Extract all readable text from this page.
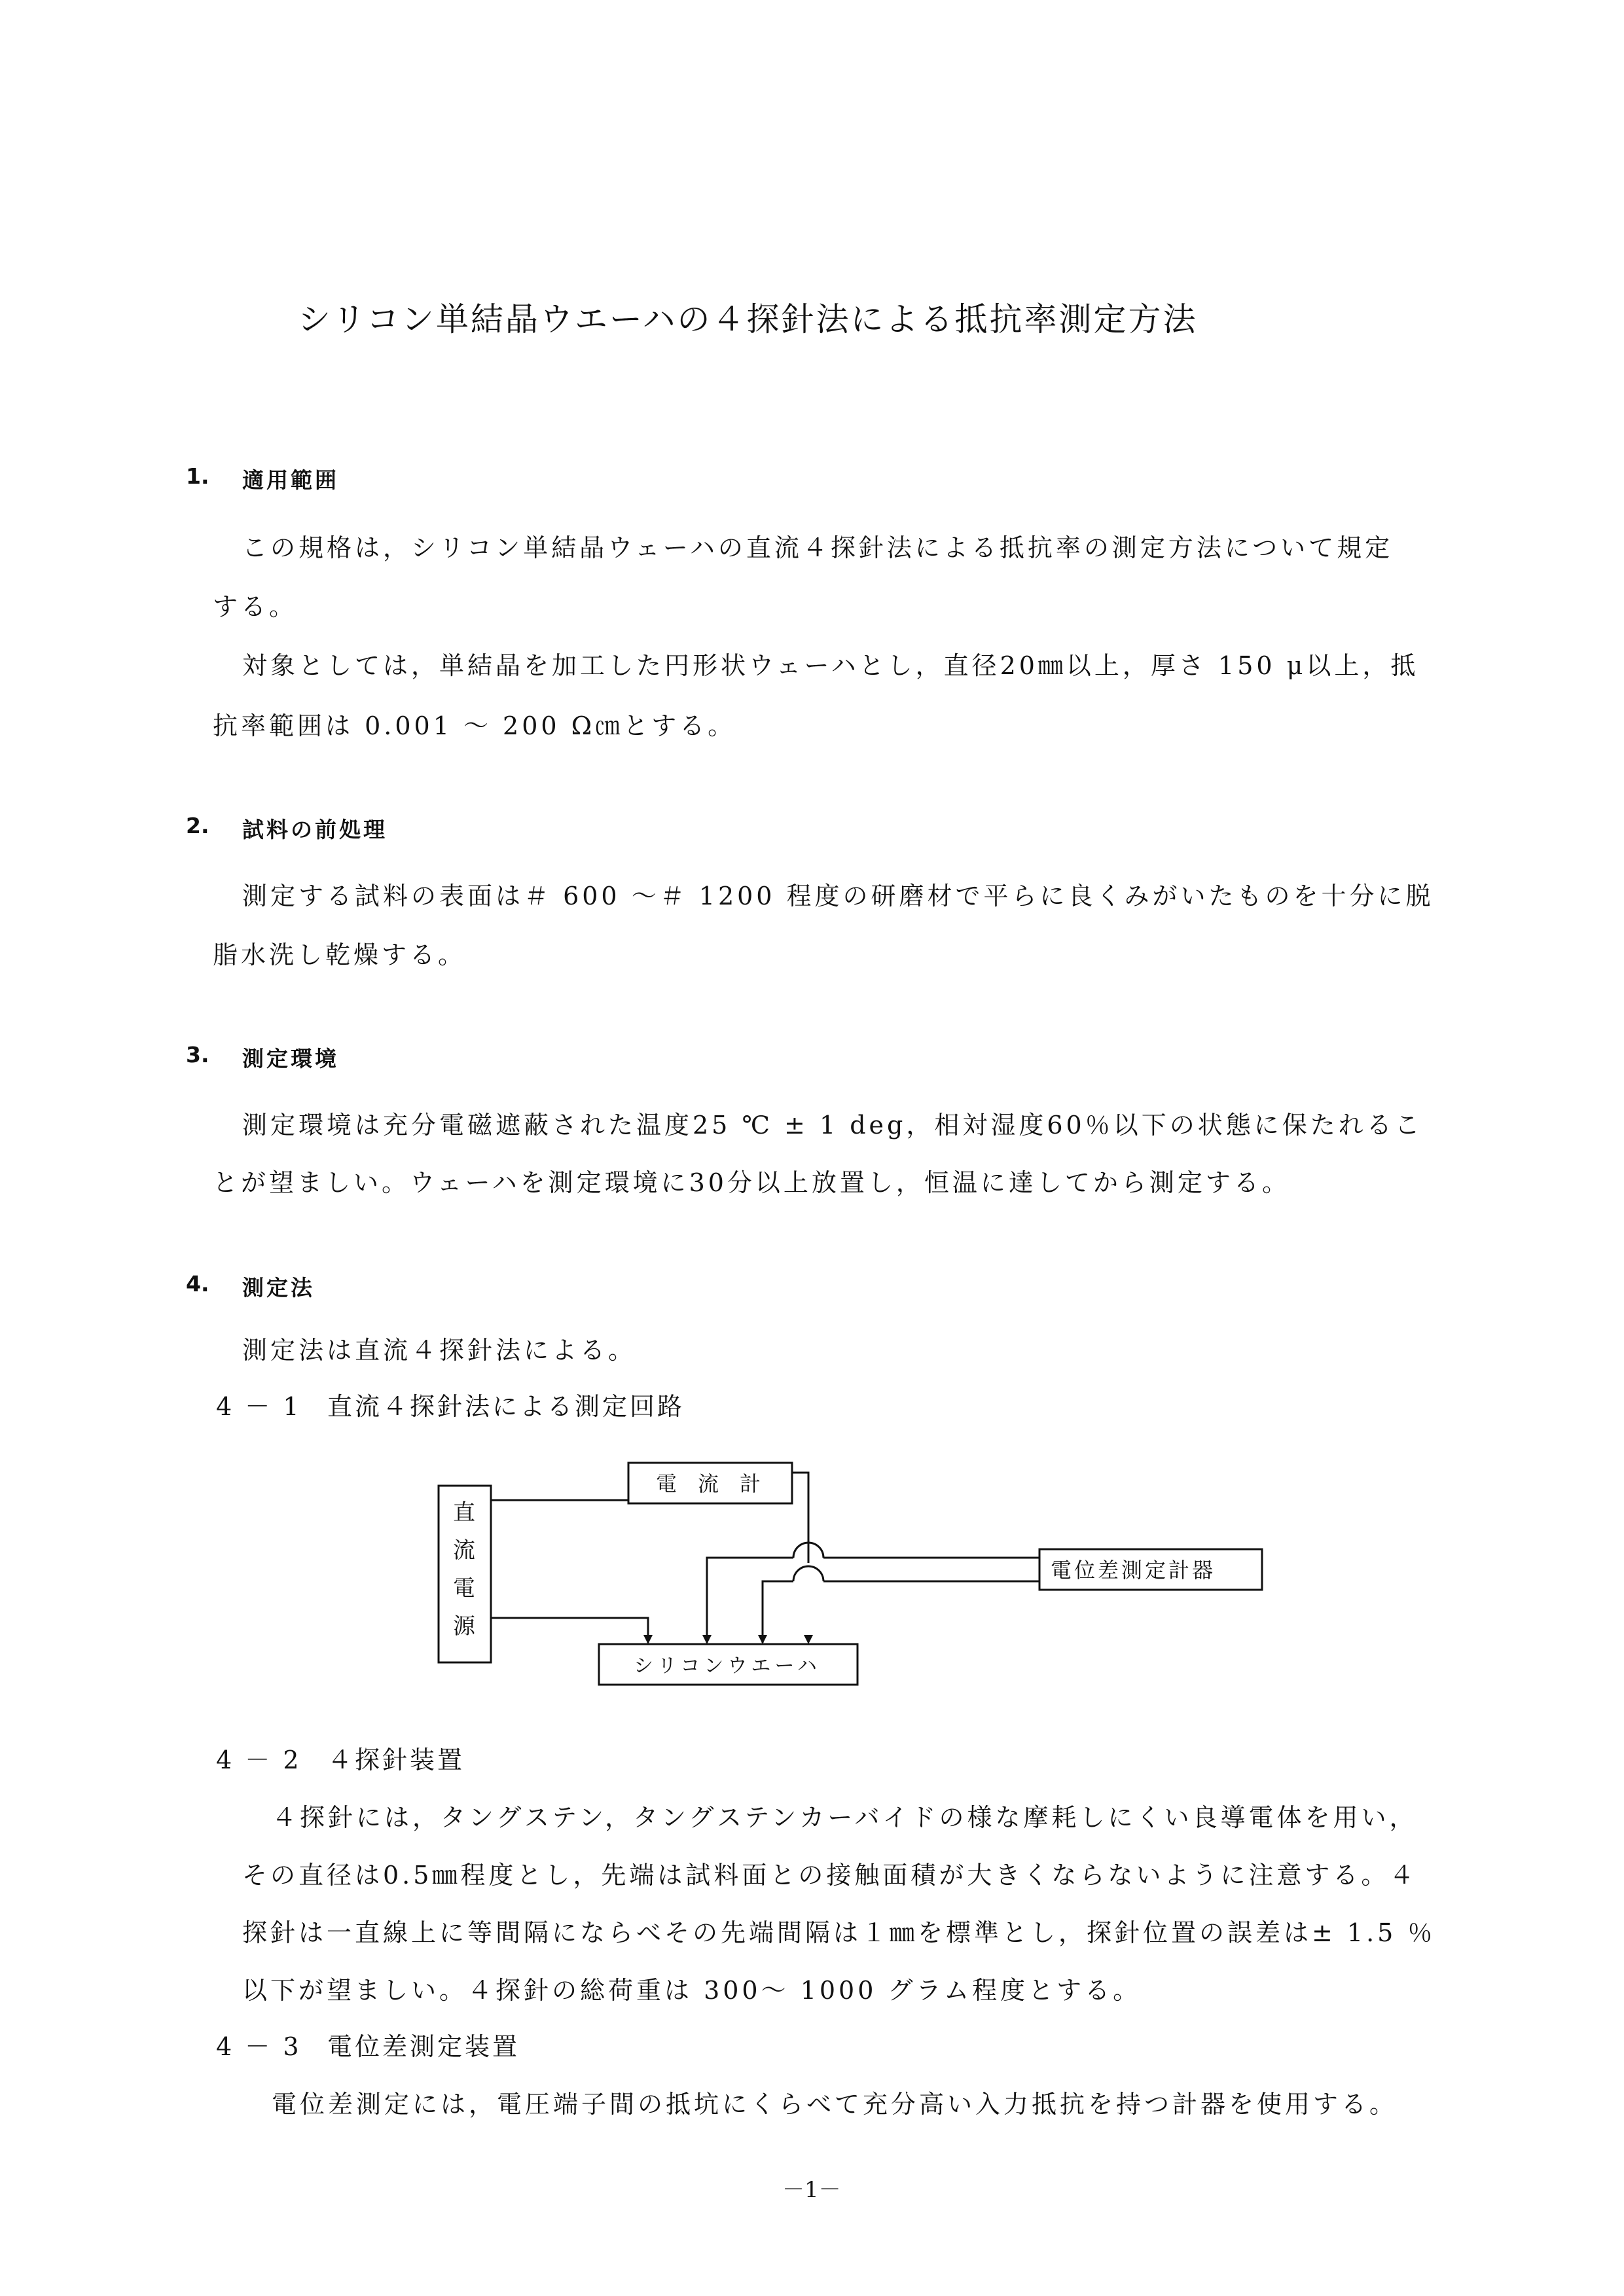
シリコン単結晶ウエーハの４探針法による抵抗率測定方法
1. 適用範囲
この規格は，シリコン単結晶ウェーハの直流４探針法による抵抗率の測定方法について規定
する。
対象としては，単結晶を加工した円形状ウェーハとし，直径20㎜以上，厚さ 150 μ以上，抵
抗率範囲は 0.001 ～ 200 Ω㎝とする。
2. 試料の前処理
測定する試料の表面は＃ 600 ～＃ 1200 程度の研磨材で平らに良くみがいたものを十分に脱
脂水洗し乾燥する。
3. 測定環境
測定環境は充分電磁遮蔽された温度25 ℃ ± 1 deg，相対湿度60％以下の状態に保たれるこ
とが望ましい。ウェーハを測定環境に30分以上放置し，恒温に達してから測定する。
4. 測定法
測定法は直流４探針法による。
4 － 1 直流４探針法による測定回路
直
流
電
源
電　流　計
電位差測定計器
シリコンウエーハ
4 － 2 ４探針装置
４探針には，タングステン，タングステンカーバイドの様な摩耗しにくい良導電体を用い，
その直径は0.5㎜程度とし，先端は試料面との接触面積が大きくならないように注意する。４
探針は一直線上に等間隔にならべその先端間隔は１㎜を標準とし，探針位置の誤差は± 1.5 ％
以下が望ましい。４探針の総荷重は 300～ 1000 グラム程度とする。
4 － 3 電位差測定装置
電位差測定には，電圧端子間の抵坑にくらべて充分高い入力抵抗を持つ計器を使用する。
－1－
